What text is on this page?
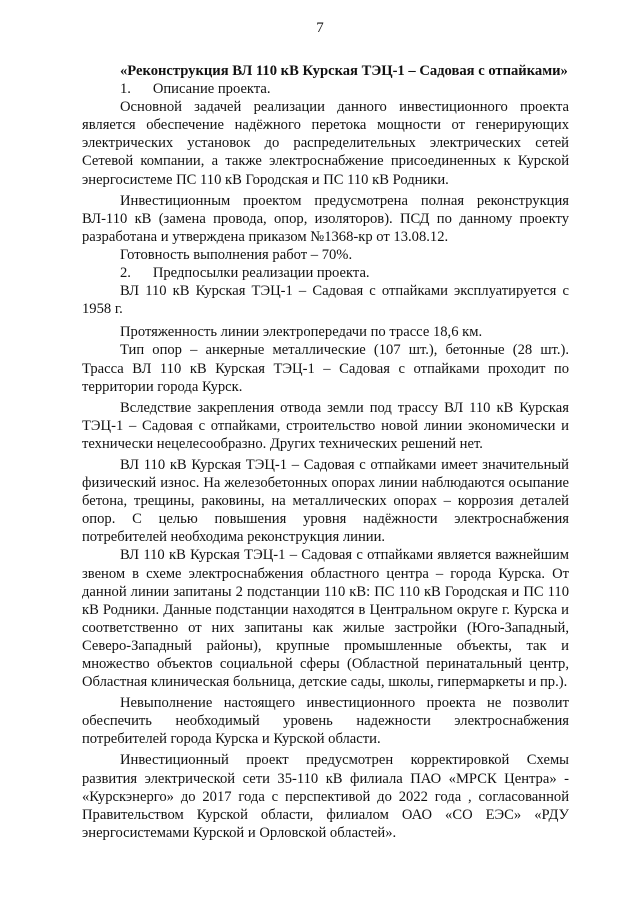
7

«Реконструкция ВЛ 110 кВ Курская ТЭЦ-1 – Садовая с отпайками»

1.      Описание проекта.

Основной задачей реализации данного инвестиционного проекта является обеспечение надёжного перетока мощности от генерирующих электрических установок до распределительных электрических сетей Сетевой компании, а также электроснабжение присоединенных к Курской энергосистеме ПС 110 кВ Городская и ПС 110 кВ Родники.

Инвестиционным проектом предусмотрена полная реконструкция ВЛ-110 кВ (замена провода, опор, изоляторов). ПСД по данному проекту разработана и утверждена приказом №1368-кр от 13.08.12.

Готовность выполнения работ – 70%.

2.      Предпосылки реализации проекта.

ВЛ 110 кВ Курская ТЭЦ-1 – Садовая с отпайками эксплуатируется с 1958 г.

Протяженность линии электропередачи по трассе 18,6 км.

Тип опор – анкерные металлические (107 шт.), бетонные (28 шт.). Трасса ВЛ 110 кВ Курская ТЭЦ-1 – Садовая с отпайками проходит по территории города Курск.

Вследствие закрепления отвода земли под трассу ВЛ 110 кВ Курская ТЭЦ-1 – Садовая с отпайками, строительство новой линии экономически и технически нецелесообразно. Других технических решений нет.

ВЛ 110 кВ Курская ТЭЦ-1 – Садовая с отпайками имеет значительный физический износ. На железобетонных опорах линии наблюдаются осыпание бетона, трещины, раковины, на металлических опорах – коррозия деталей опор. С целью повышения уровня надёжности электроснабжения потребителей необходима реконструкция линии.

ВЛ 110 кВ Курская ТЭЦ-1 – Садовая с отпайками является важнейшим звеном в схеме электроснабжения областного центра – города Курска. От данной линии запитаны 2 подстанции 110 кВ: ПС 110 кВ Городская и ПС 110 кВ Родники. Данные подстанции находятся в Центральном округе г. Курска и соответственно от них запитаны как жилые застройки (Юго-Западный, Северо-Западный районы), крупные промышленные объекты, так и множество объектов социальной сферы (Областной перинатальный центр, Областная клиническая больница, детские сады, школы, гипермаркеты и пр.).

Невыполнение настоящего инвестиционного проекта не позволит обеспечить необходимый уровень надежности электроснабжения потребителей города Курска и Курской области.

Инвестиционный проект предусмотрен корректировкой Схемы развития электрической сети 35-110 кВ филиала ПАО «МРСК Центра» - «Курскэнерго» до 2017 года с перспективой до 2022 года , согласованной Правительством Курской области, филиалом ОАО «СО ЕЭС» «РДУ энергосистемами Курской и Орловской областей».
